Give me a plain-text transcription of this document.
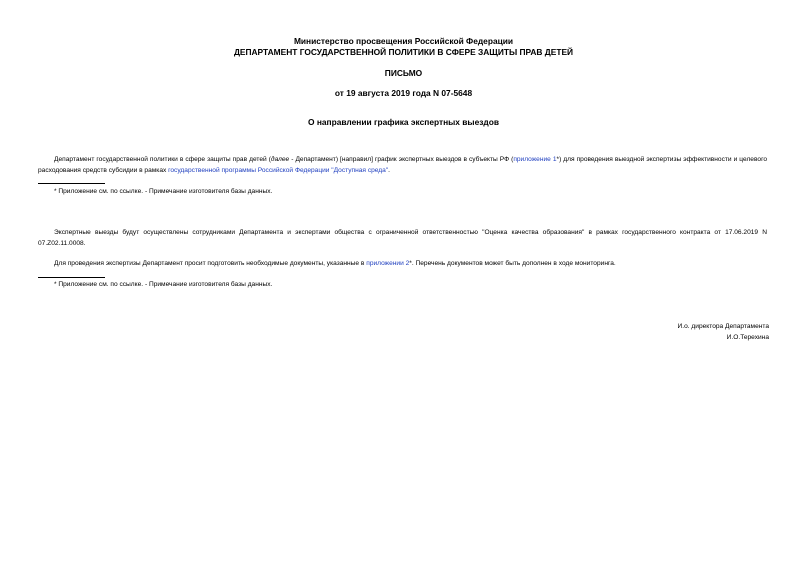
Министерство просвещения Российской Федерации
ДЕПАРТАМЕНТ ГОСУДАРСТВЕННОЙ ПОЛИТИКИ В СФЕРЕ ЗАЩИТЫ ПРАВ ДЕТЕЙ
ПИСЬМО
от 19 августа 2019 года N 07-5648
О направлении графика экспертных выездов
Департамент государственной политики в сфере защиты прав детей (далее - Департамент) [направил] график экспертных выездов в субъекты РФ (приложение 1*) для проведения выездной экспертизы эффективности и целевого расходования средств субсидии в рамках государственной программы Российской Федерации "Доступная среда".
* Приложение см. по ссылке. - Примечание изготовителя базы данных.
Экспертные выезды будут осуществлены сотрудниками Департамента и экспертами общества с ограниченной ответственностью "Оценка качества образования" в рамках государственного контракта от 17.06.2019 N 07.Z02.11.0008.
Для проведения экспертизы Департамент просит подготовить необходимые документы, указанные в приложении 2*. Перечень документов может быть дополнен в ходе мониторинга.
* Приложение см. по ссылке. - Примечание изготовителя базы данных.
И.о. директора Департамента
И.О.Терехина
